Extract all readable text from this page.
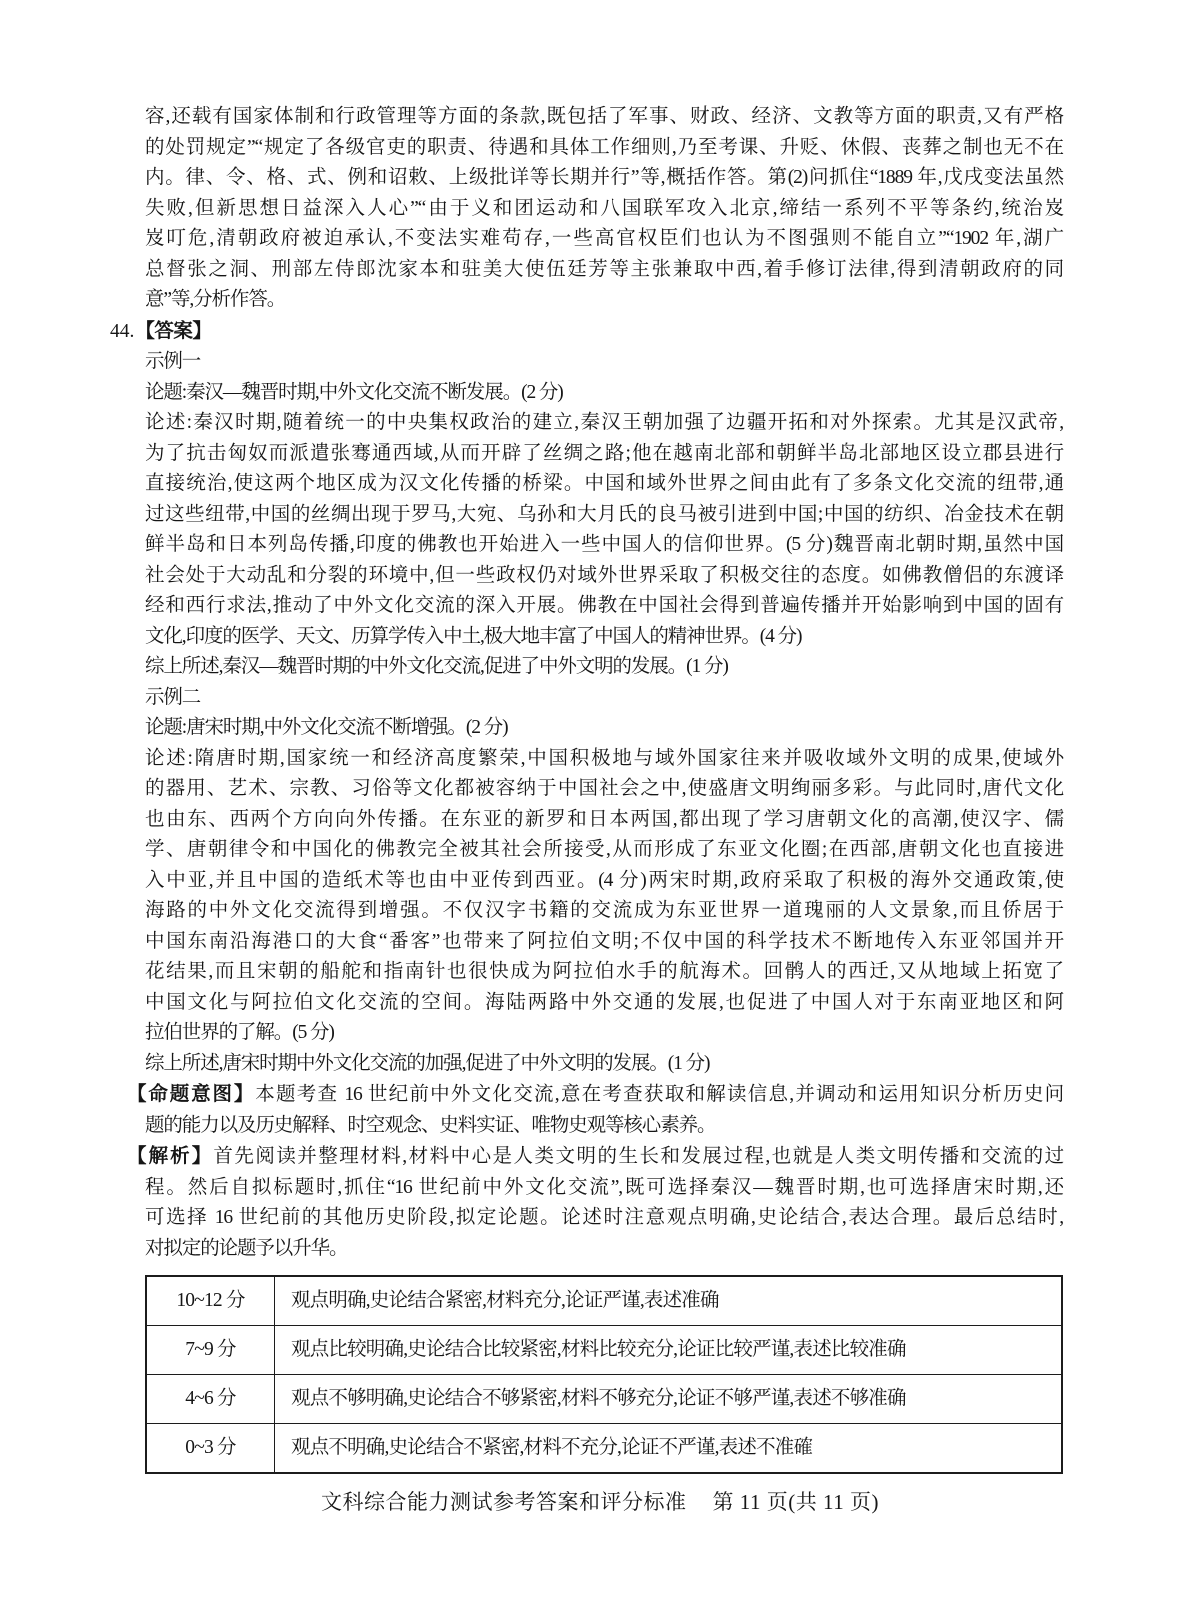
容,还载有国家体制和行政管理等方面的条款,既包括了军事、财政、经济、文教等方面的职责,又有严格
的处罚规定”“规定了各级官吏的职责、待遇和具体工作细则,乃至考课、升贬、休假、丧葬之制也无不在
内。律、令、格、式、例和诏敕、上级批详等长期并行”等,概括作答。第(2)问抓住“1889 年,戊戌变法虽然
失败,但新思想日益深入人心”“由于义和团运动和八国联军攻入北京,缔结一系列不平等条约,统治岌
岌叮危,清朝政府被迫承认,不变法实难苟存,一些高官权臣们也认为不图强则不能自立”“1902 年,湖广
总督张之洞、刑部左侍郎沈家本和驻美大使伍廷芳等主张兼取中西,着手修订法律,得到清朝政府的同
意”等,分析作答。
44.【答案】
示例一
论题:秦汉—魏晋时期,中外文化交流不断发展。(2 分)
论述:秦汉时期,随着统一的中央集权政治的建立,秦汉王朝加强了边疆开拓和对外探索。尤其是汉武帝,
为了抗击匈奴而派遣张骞通西域,从而开辟了丝绸之路;他在越南北部和朝鲜半岛北部地区设立郡县进行
直接统治,使这两个地区成为汉文化传播的桥梁。中国和域外世界之间由此有了多条文化交流的纽带,通
过这些纽带,中国的丝绸出现于罗马,大宛、乌孙和大月氏的良马被引进到中国;中国的纺织、冶金技术在朝
鲜半岛和日本列岛传播,印度的佛教也开始进入一些中国人的信仰世界。(5 分)魏晋南北朝时期,虽然中国
社会处于大动乱和分裂的环境中,但一些政权仍对域外世界采取了积极交往的态度。如佛教僧侣的东渡译
经和西行求法,推动了中外文化交流的深入开展。佛教在中国社会得到普遍传播并开始影响到中国的固有
文化,印度的医学、天文、历算学传入中土,极大地丰富了中国人的精神世界。(4 分)
综上所述,秦汉—魏晋时期的中外文化交流,促进了中外文明的发展。(1 分)
示例二
论题:唐宋时期,中外文化交流不断增强。(2 分)
论述:隋唐时期,国家统一和经济高度繁荣,中国积极地与域外国家往来并吸收域外文明的成果,使域外
的器用、艺术、宗教、习俗等文化都被容纳于中国社会之中,使盛唐文明绚丽多彩。与此同时,唐代文化
也由东、西两个方向向外传播。在东亚的新罗和日本两国,都出现了学习唐朝文化的高潮,使汉字、儒
学、唐朝律令和中国化的佛教完全被其社会所接受,从而形成了东亚文化圈;在西部,唐朝文化也直接进
入中亚,并且中国的造纸术等也由中亚传到西亚。(4 分)两宋时期,政府采取了积极的海外交通政策,使
海路的中外文化交流得到增强。不仅汉字书籍的交流成为东亚世界一道瑰丽的人文景象,而且侨居于
中国东南沿海港口的大食“番客”也带来了阿拉伯文明;不仅中国的科学技术不断地传入东亚邻国并开
花结果,而且宋朝的船舵和指南针也很快成为阿拉伯水手的航海术。回鹘人的西迁,又从地域上拓宽了
中国文化与阿拉伯文化交流的空间。海陆两路中外交通的发展,也促进了中国人对于东南亚地区和阿
拉伯世界的了解。(5 分)
综上所述,唐宋时期中外文化交流的加强,促进了中外文明的发展。(1 分)
【命题意图】本题考查 16 世纪前中外文化交流,意在考查获取和解读信息,并调动和运用知识分析历史问
题的能力以及历史解释、时空观念、史料实证、唯物史观等核心素养。
【解析】首先阅读并整理材料,材料中心是人类文明的生长和发展过程,也就是人类文明传播和交流的过
程。然后自拟标题时,抓住“16 世纪前中外文化交流”,既可选择秦汉—魏晋时期,也可选择唐宋时期,还
可选择 16 世纪前的其他历史阶段,拟定论题。论述时注意观点明确,史论结合,表达合理。最后总结时,
对拟定的论题予以升华。
10~12 分	观点明确,史论结合紧密,材料充分,论证严谨,表述准确
7~9 分	观点比较明确,史论结合比较紧密,材料比较充分,论证比较严谨,表述比较准确
4~6 分	观点不够明确,史论结合不够紧密,材料不够充分,论证不够严谨,表述不够准确
0~3 分	观点不明确,史论结合不紧密,材料不充分,论证不严谨,表述不准確
文科综合能力测试参考答案和评分标准 第 11 页(共 11 页)
